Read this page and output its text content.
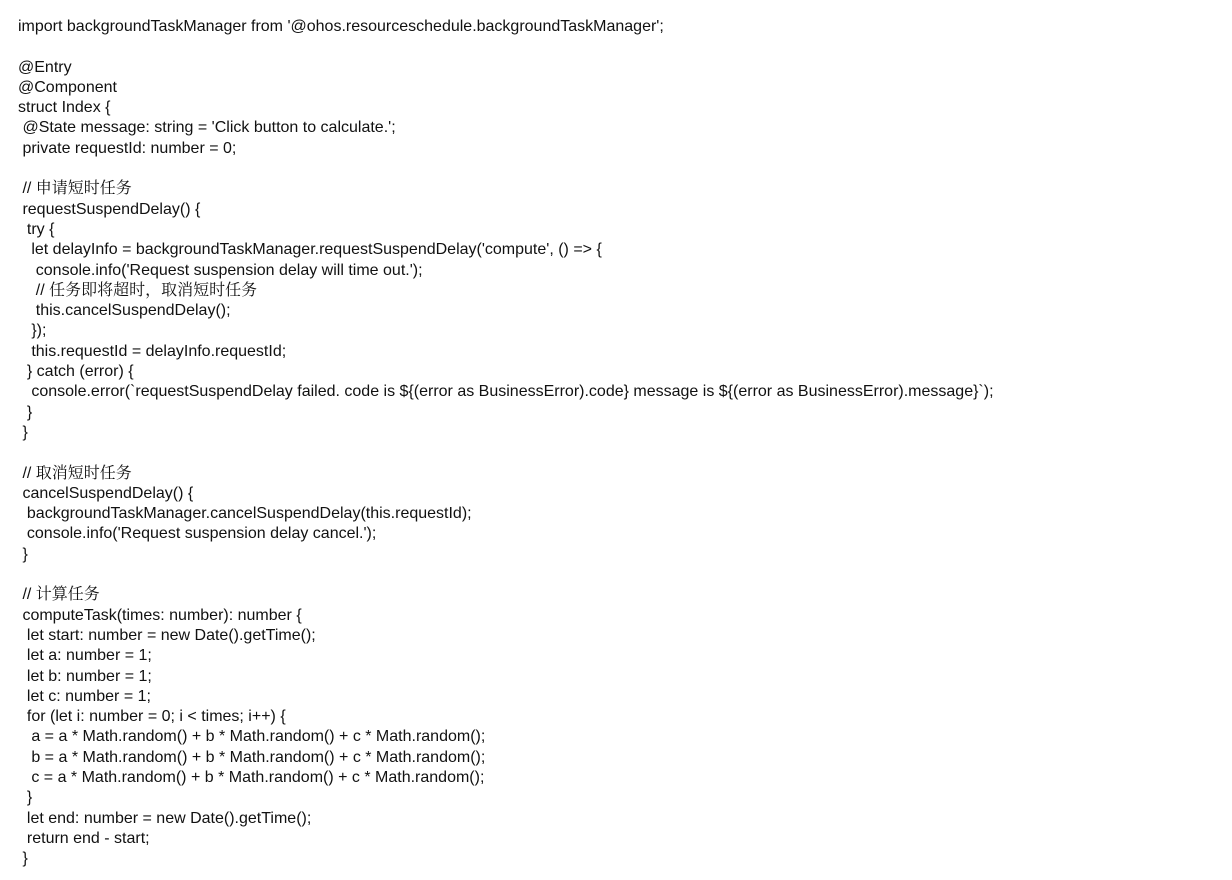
import backgroundTaskManager from '@ohos.resourceschedule.backgroundTaskManager';
@Entry
@Component
struct Index {
@State message: string = 'Click button to calculate.';
private requestId: number = 0;
// 申请短时任务
requestSuspendDelay() {
try {
let delayInfo = backgroundTaskManager.requestSuspendDelay('compute', () => {
console.info('Request suspension delay will time out.');
// 任务即将超时，取消短时任务
this.cancelSuspendDelay();
});
this.requestId = delayInfo.requestId;
} catch (error) {
console.error(`requestSuspendDelay failed. code is ${(error as BusinessError).code} message is ${(error as BusinessError).message}`);
}
}
// 取消短时任务
cancelSuspendDelay() {
backgroundTaskManager.cancelSuspendDelay(this.requestId);
console.info('Request suspension delay cancel.');
}
// 计算任务
computeTask(times: number): number {
let start: number = new Date().getTime();
let a: number = 1;
let b: number = 1;
let c: number = 1;
for (let i: number = 0; i < times; i++) {
a = a * Math.random() + b * Math.random() + c * Math.random();
b = a * Math.random() + b * Math.random() + c * Math.random();
c = a * Math.random() + b * Math.random() + c * Math.random();
}
let end: number = new Date().getTime();
return end - start;
}
